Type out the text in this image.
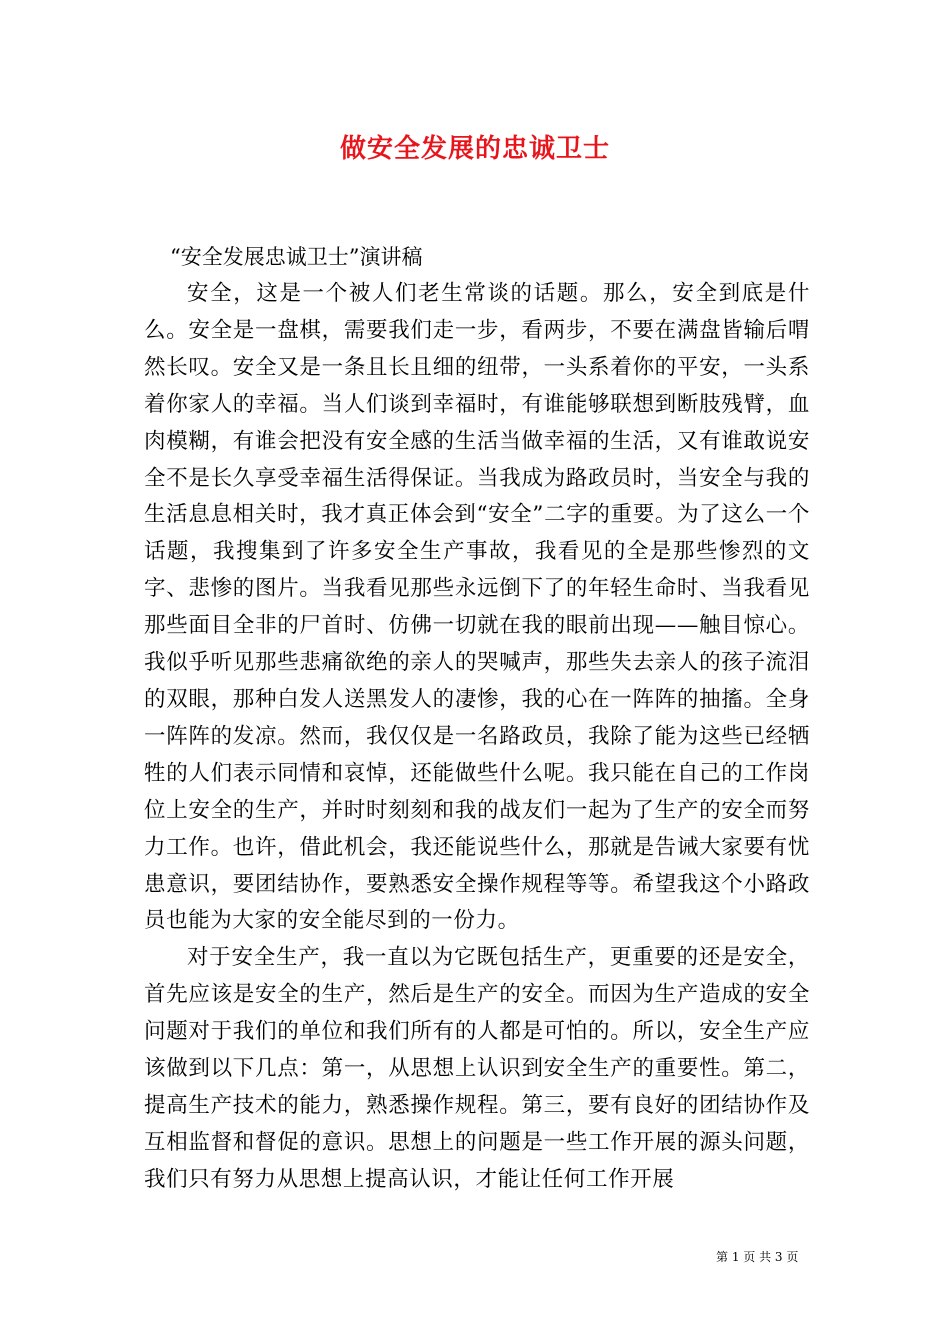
做安全发展的忠诚卫士

“安全发展忠诚卫士”演讲稿

安全，这是一个被人们老生常谈的话题。那么，安全到底是什么。安全是一盘棋，需要我们走一步，看两步，不要在满盘皆输后喟然长叹。安全又是一条且长且细的纽带，一头系着你的平安，一头系着你家人的幸福。当人们谈到幸福时，有谁能够联想到断肢残臂，血肉模糊，有谁会把没有安全感的生活当做幸福的生活，又有谁敢说安全不是长久享受幸福生活得保证。当我成为路政员时，当安全与我的生活息息相关时，我才真正体会到“安全”二字的重要。为了这么一个话题，我搜集到了许多安全生产事故，我看见的全是那些惨烈的文字、悲惨的图片。当我看见那些永远倒下了的年轻生命时、当我看见那些面目全非的尸首时、仿佛一切就在我的眼前出现——触目惊心。我似乎听见那些悲痛欲绝的亲人的哭喊声，那些失去亲人的孩子流泪的双眼，那种白发人送黑发人的凄惨，我的心在一阵阵的抽搐。全身一阵阵的发凉。然而，我仅仅是一名路政员，我除了能为这些已经牺牲的人们表示同情和哀悼，还能做些什么呢。我只能在自己的工作岗位上安全的生产，并时时刻刻和我的战友们一起为了生产的安全而努力工作。也许，借此机会，我还能说些什么，那就是告诫大家要有忧患意识，要团结协作，要熟悉安全操作规程等等。希望我这个小路政员也能为大家的安全能尽到的一份力。

对于安全生产，我一直以为它既包括生产，更重要的还是安全，首先应该是安全的生产，然后是生产的安全。而因为生产造成的安全问题对于我们的单位和我们所有的人都是可怕的。所以，安全生产应该做到以下几点：第一，从思想上认识到安全生产的重要性。第二，提高生产技术的能力，熟悉操作规程。第三，要有良好的团结协作及互相监督和督促的意识。思想上的问题是一些工作开展的源头问题，我们只有努力从思想上提高认识，才能让任何工作开展

第 1 页 共 3 页
